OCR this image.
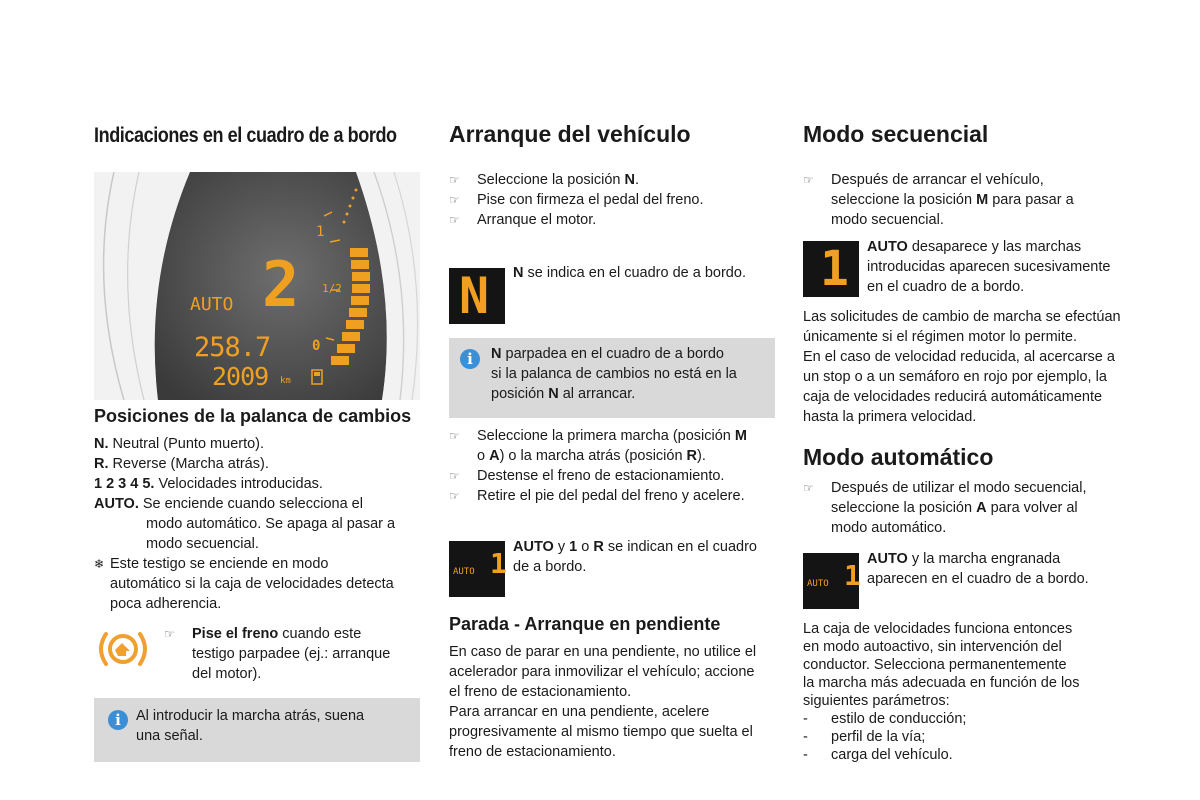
Indicaciones en el cuadro de a bordo
1
1/2
0
AUTO 2
258.7
2009 km
Posiciones de la palanca de cambios
N. Neutral (Punto muerto).
R. Reverse (Marcha atrás).
1 2 3 4 5. Velocidades introducidas.
AUTO. Se enciende cuando selecciona el
modo automático. Se apaga al pasar a
modo secuencial.
❄ Este testigo se enciende en modo
automático si la caja de velocidades detecta
poca adherencia.
☞	Pise el freno cuando este
testigo parpadee (ej.: arranque
del motor).
i	Al introducir la marcha atrás, suena
una señal.
Arranque del vehículo
☞	Seleccione la posición N.
☞	Pise con firmeza el pedal del freno.
☞	Arranque el motor.
N N se indica en el cuadro de a bordo.
i	N parpadea en el cuadro de a bordo
si la palanca de cambios no está en la
posición N al arrancar.
☞	Seleccione la primera marcha (posición M
o A) o la marcha atrás (posición R).
☞	Destense el freno de estacionamiento.
☞	Retire el pie del pedal del freno y acelere.
AUTO 1 AUTO y 1 o R se indican en el cuadro
de a bordo.
Parada - Arranque en pendiente
En caso de parar en una pendiente, no utilice el
acelerador para inmovilizar el vehículo; accione
el freno de estacionamiento.
Para arrancar en una pendiente, acelere
progresivamente al mismo tiempo que suelta el
freno de estacionamiento.
Modo secuencial
☞	Después de arrancar el vehículo,
seleccione la posición M para pasar a
modo secuencial.
1 AUTO desaparece y las marchas
introducidas aparecen sucesivamente
en el cuadro de a bordo.
Las solicitudes de cambio de marcha se efectúan
únicamente si el régimen motor lo permite.
En el caso de velocidad reducida, al acercarse a
un stop o a un semáforo en rojo por ejemplo, la
caja de velocidades reducirá automáticamente
hasta la primera velocidad.
Modo automático
☞	Después de utilizar el modo secuencial,
seleccione la posición A para volver al
modo automático.
AUTO 1 AUTO y la marcha engranada
aparecen en el cuadro de a bordo.
La caja de velocidades funciona entonces
en modo autoactivo, sin intervención del
conductor. Selecciona permanentemente
la marcha más adecuada en función de los
siguientes parámetros:
- estilo de conducción;
- perfil de la vía;
- carga del vehículo.
